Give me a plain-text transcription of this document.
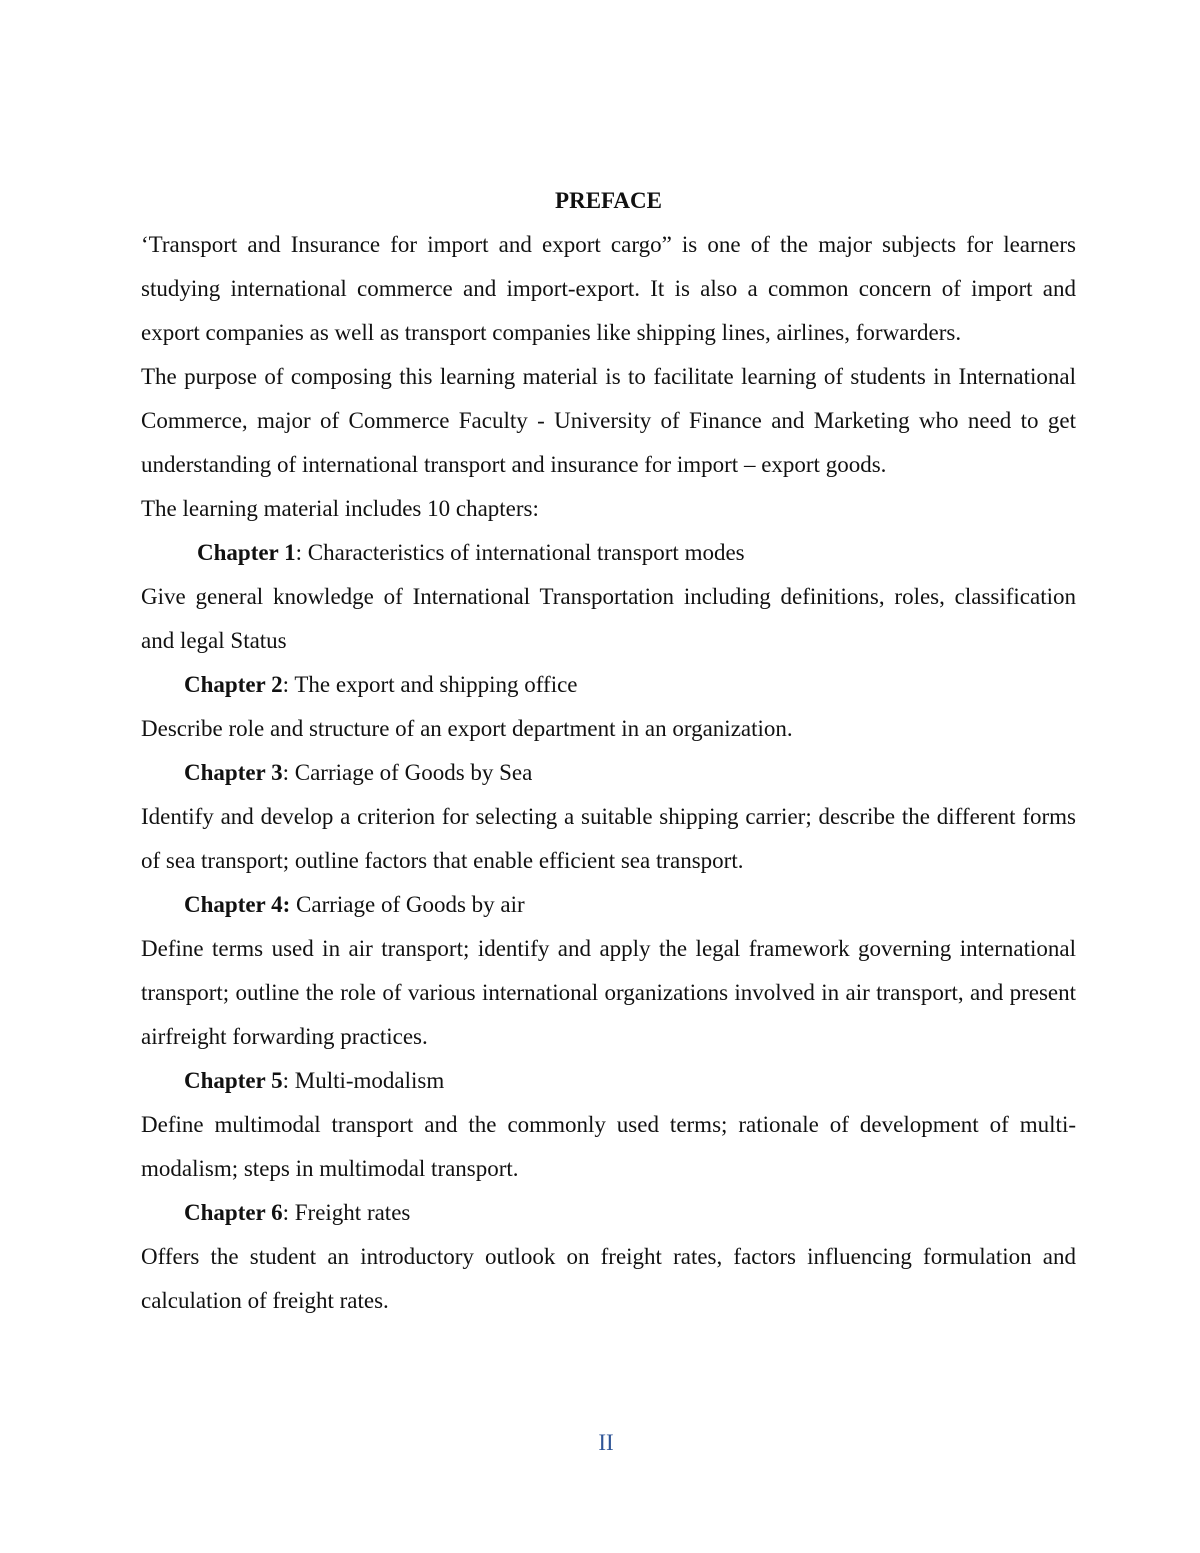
PREFACE

‘Transport and Insurance for import and export cargo” is one of the major subjects for learners studying international commerce and import-export. It is also a common concern of import and export companies as well as transport companies like shipping lines, airlines, forwarders.

The purpose of composing this learning material is to facilitate learning of students in International Commerce, major of Commerce Faculty - University of Finance and Marketing who need to get understanding of international transport and insurance for import – export goods.

The learning material includes 10 chapters:

Chapter 1: Characteristics of international transport modes

Give general knowledge of International Transportation including definitions, roles, classification and legal Status

Chapter 2: The export and shipping office

Describe role and structure of an export department in an organization.

Chapter 3: Carriage of Goods by Sea

Identify and develop a criterion for selecting a suitable shipping carrier; describe the different forms of sea transport; outline factors that enable efficient sea transport.

Chapter 4: Carriage of Goods by air

Define terms used in air transport; identify and apply the legal framework governing international transport; outline the role of various international organizations involved in air transport, and present airfreight forwarding practices.

Chapter 5: Multi-modalism

Define multimodal transport and the commonly used terms; rationale of development of multi-modalism; steps in multimodal transport.

Chapter 6: Freight rates

Offers the student an introductory outlook on freight rates, factors influencing formulation and calculation of freight rates.

II
